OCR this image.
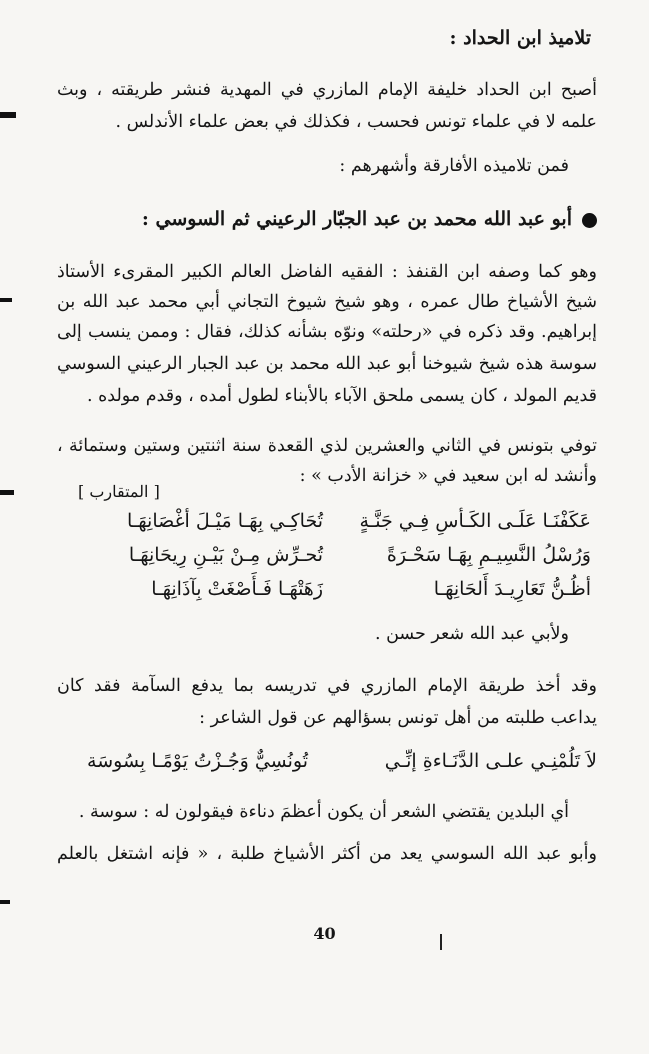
تلاميذ ابن الحداد :
أصبح ابن الحداد خليفة الإمام المازري في المهدية فنشر طريقته ، وبث
علمه لا في علماء تونس فحسب ، فكذلك في بعض علماء الأندلس .
فمن تلاميذه الأفارقة وأشهرهم :
أبو عبد الله محمد بن عبد الجبّار الرعيني ثم السوسي :
وهو كما وصفه ابن القنفذ : الفقيه الفاضل العالم الكبير المقرىء الأستاذ
شيخ الأشياخ طال عمره ، وهو شيخ شيوخ التجاني أبي محمد عبد الله بن
إبراهيم. وقد ذكره في «رحلته» ونوّه بشأنه كذلك، فقال : وممن ينسب إلى
سوسة هذه شيخ شيوخنا أبو عبد الله محمد بن عبد الجبار الرعيني السوسي
قديم المولد ، كان يسمى ملحق الآباء بالأبناء لطول أمده ، وقدم مولده .
توفي بتونس في الثاني والعشرين لذي القعدة سنة اثنتين وستين وستمائة ،
وأنشد له ابن سعيد في « خزانة الأدب » :
[ المتقارب ]
عَكَفْنَـا عَلَـى الكَـأسِ فِـي جَنَّـةٍ
تُحَاكِـي بِهَـا مَيْـلَ أغْصَانِهَـا
وَرُسْلُ النَّسِيـمِ بِهَـا سَحْـرَةً
تُحـرِّش مِـنْ بَيْـنِ رِيحَانِهَـا
أظُـنُّ تَعَارِيـدَ أَلحَانِهَـا
زَهَتْهَـا فَـأَصْغَتْ بِآذَانِهَـا
ولأبي عبد الله شعر حسن .
وقد أخذ طريقة الإمام المازري في تدريسه بما يدفع السآمة فقد كان
يداعب طلبته من أهل تونس بسؤالهم عن قول الشاعر :
لاَ تَلُمْنِـي علـى الدَّنَـاءةِ إنِّـي
تُونُسِيٌّ وَجُـزْتُ يَوْمًـا بِسُوسَة
أي البلدين يقتضي الشعر أن يكون أعظمَ دناءة فيقولون له : سوسة .
وأبو عبد الله السوسي يعد من أكثر الأشياخ طلبة ، « فإنه اشتغل بالعلم
40
